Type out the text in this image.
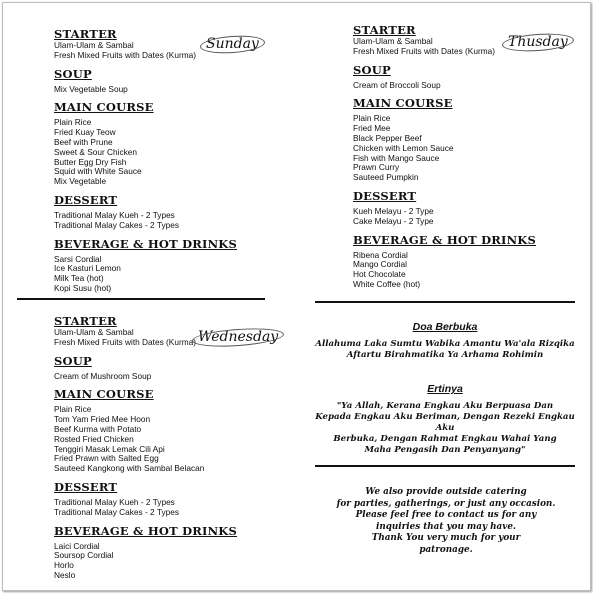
STARTER
Ulam-Ulam & Sambal
Fresh Mixed Fruits with Dates (Kurma)
SOUP
Mix Vegetable Soup
MAIN COURSE
Plain Rice
Fried Kuay Teow
Beef with Prune
Sweet & Sour Chicken
Butter Egg Dry Fish
Squid with White Sauce
Mix Vegetable
DESSERT
Traditional Malay Kueh - 2 Types
Traditional Malay Cakes - 2 Types
BEVERAGE & HOT DRINKS
Sarsi Cordial
Ice Kasturi Lemon
Milk Tea (hot)
Kopi Susu (hot)
Sunday
STARTER
Ulam-Ulam & Sambal
Fresh Mixed Fruits with Dates (Kurma)
SOUP
Cream of Broccoli Soup
MAIN COURSE
Plain Rice
Fried Mee
Black Pepper Beef
Chicken with Lemon Sauce
Fish with Mango Sauce
Prawn Curry
Sauteed Pumpkin
DESSERT
Kueh Melayu - 2 Type
Cake Melayu - 2 Type
BEVERAGE & HOT DRINKS
Ribena Cordial
Mango Cordial
Hot Chocolate
White Coffee (hot)
Thusday
STARTER
Ulam-Ulam & Sambal
Fresh Mixed Fruits with Dates (Kurma)
SOUP
Cream of Mushroom Soup
MAIN COURSE
Plain Rice
Tom Yam Fried Mee Hoon
Beef Kurma with Potato
Rosted Fried Chicken
Tenggiri Masak Lemak Cili Api
Fried Prawn with Salted Egg
Sauteed Kangkong with Sambal Belacan
DESSERT
Traditional Malay Kueh - 2 Types
Traditional Malay Cakes - 2 Types
BEVERAGE & HOT DRINKS
Laici Cordial
Soursop Cordial
Horlo
Neslo
Wednesday
Doa Berbuka

Allahuma Laka Sumtu Wabika Amantu Wa'ala Rizqika

Aftartu Birahmatika Ya Arhama Rohimin

Ertinya

"Ya Allah, Kerana Engkau Aku Berpuasa Dan

Kepada Engkau Aku Beriman, Dengan Rezeki Engkau Aku

Berbuka, Dengan Rahmat Engkau Wahai Yang

Maha Pengasih Dan Penyanyang"

We also provide outside catering
for parties, gatherings, or just any occasion.
Please feel free to contact us for any
inquiries that you may have.
Thank You very much for your
patronage.
